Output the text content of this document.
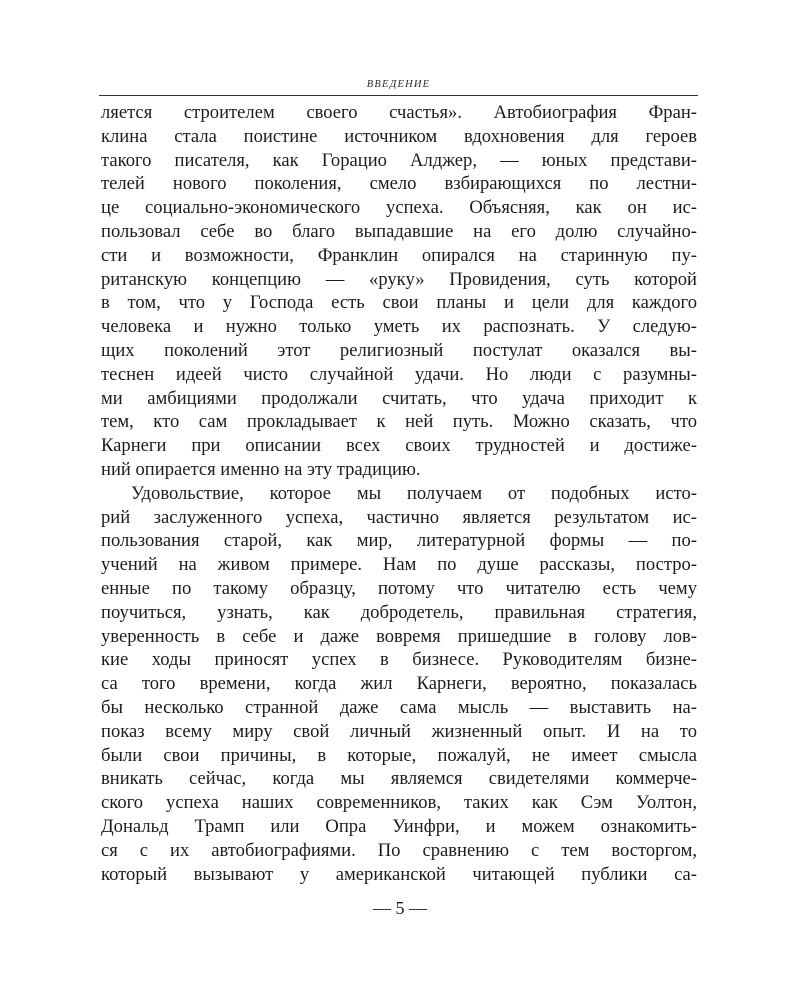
ВВЕДЕНИЕ
ляется строителем своего счастья». Автобиография Фран-
клина стала поистине источником вдохновения для героев
такого писателя, как Горацио Алджер, — юных представи-
телей нового поколения, смело взбирающихся по лестни-
це социально-экономического успеха. Объясняя, как он ис-
пользовал себе во благо выпадавшие на его долю случайно-
сти и возможности, Франклин опирался на старинную пу-
ританскую концепцию — «руку» Провидения, суть которой
в том, что у Господа есть свои планы и цели для каждого
человека и нужно только уметь их распознать. У следую-
щих поколений этот религиозный постулат оказался вы-
теснен идеей чисто случайной удачи. Но люди с разумны-
ми амбициями продолжали считать, что удача приходит к
тем, кто сам прокладывает к ней путь. Можно сказать, что
Карнеги при описании всех своих трудностей и достиже-
ний опирается именно на эту традицию.
Удовольствие, которое мы получаем от подобных исто-
рий заслуженного успеха, частично является результатом ис-
пользования старой, как мир, литературной формы — по-
учений на живом примере. Нам по душе рассказы, постро-
енные по такому образцу, потому что читателю есть чему
поучиться, узнать, как добродетель, правильная стратегия,
уверенность в себе и даже вовремя пришедшие в голову лов-
кие ходы приносят успех в бизнесе. Руководителям бизне-
са того времени, когда жил Карнеги, вероятно, показалась
бы несколько странной даже сама мысль — выставить на-
показ всему миру свой личный жизненный опыт. И на то
были свои причины, в которые, пожалуй, не имеет смысла
вникать сейчас, когда мы являемся свидетелями коммерче-
ского успеха наших современников, таких как Сэм Уолтон,
Дональд Трамп или Опра Уинфри, и можем ознакомить-
ся с их автобиографиями. По сравнению с тем восторгом,
который вызывают у американской читающей публики са-
— 5 —
